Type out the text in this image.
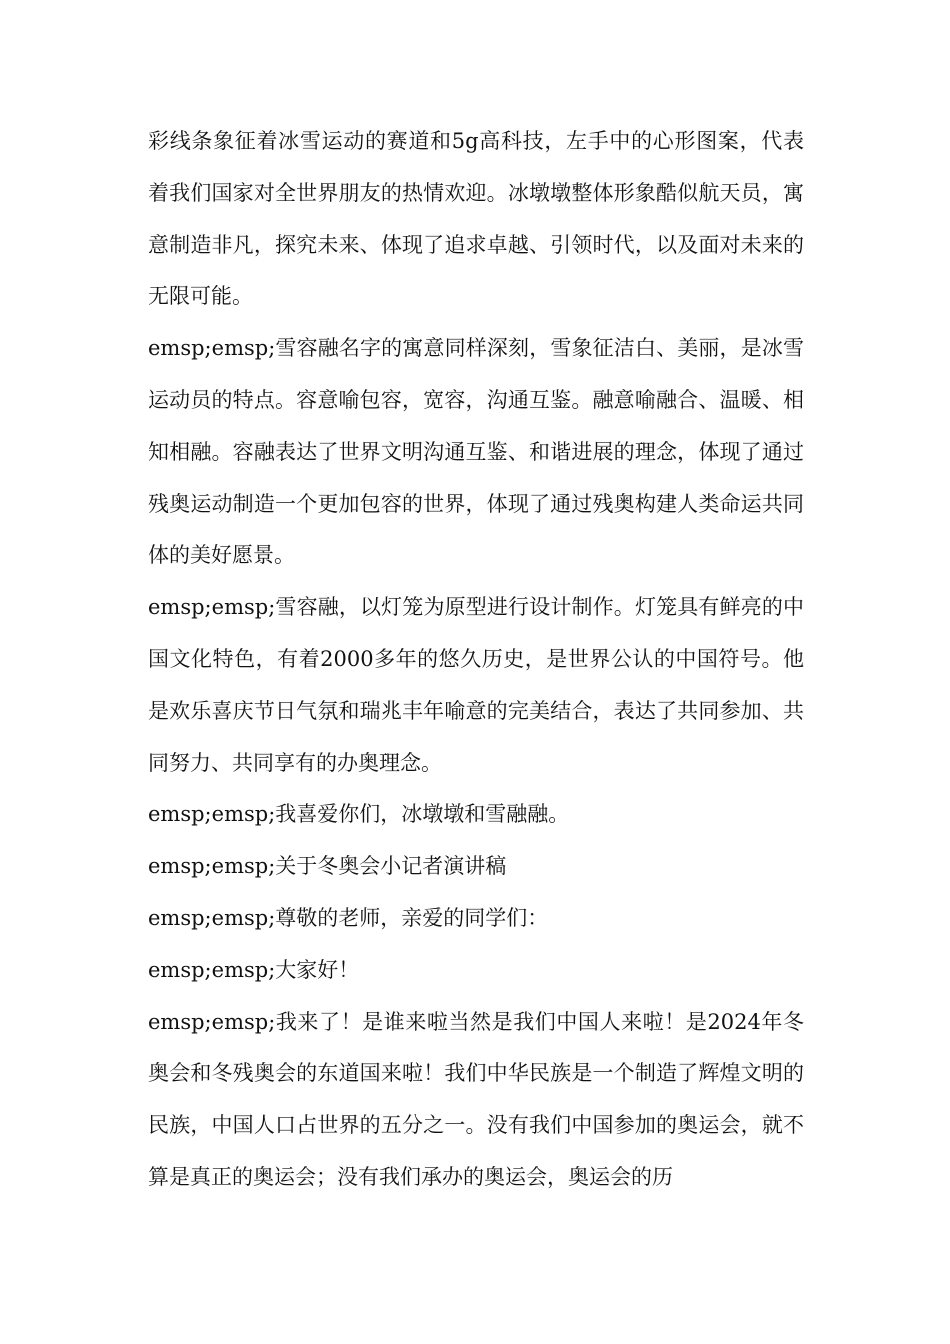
彩线条象征着冰雪运动的赛道和5g高科技，左手中的心形图案，代表着我们国家对全世界朋友的热情欢迎。冰墩墩整体形象酷似航天员，寓意制造非凡，探究未来、体现了追求卓越、引领时代，以及面对未来的无限可能。

emsp;emsp;雪容融名字的寓意同样深刻，雪象征洁白、美丽，是冰雪运动员的特点。容意喻包容，宽容，沟通互鉴。融意喻融合、温暖、相知相融。容融表达了世界文明沟通互鉴、和谐进展的理念，体现了通过残奥运动制造一个更加包容的世界，体现了通过残奥构建人类命运共同体的美好愿景。

emsp;emsp;雪容融，以灯笼为原型进行设计制作。灯笼具有鲜亮的中国文化特色，有着2000多年的悠久历史，是世界公认的中国符号。他是欢乐喜庆节日气氛和瑞兆丰年喻意的完美结合，表达了共同参加、共同努力、共同享有的办奥理念。

emsp;emsp;我喜爱你们，冰墩墩和雪融融。

emsp;emsp;关于冬奥会小记者演讲稿

emsp;emsp;尊敬的老师，亲爱的同学们：

emsp;emsp;大家好！

emsp;emsp;我来了！是谁来啦当然是我们中国人来啦！是2024年冬奥会和冬残奥会的东道国来啦！我们中华民族是一个制造了辉煌文明的民族，中国人口占世界的五分之一。没有我们中国参加的奥运会，就不算是真正的奥运会；没有我们承办的奥运会，奥运会的历
